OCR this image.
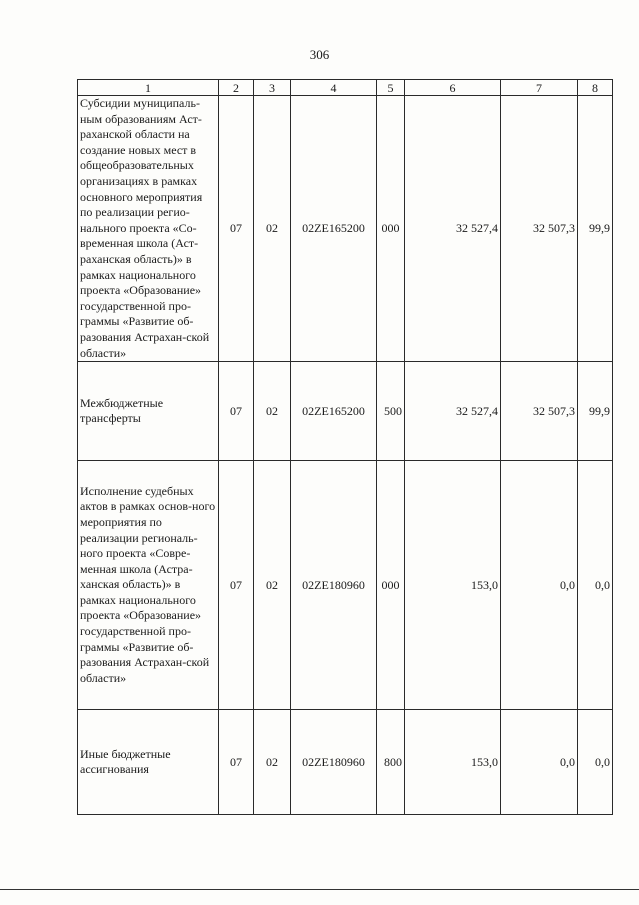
306
1	2	3	4	5	6	7	8
Субсидии муниципаль-ным образованиям Аст-раханской области на создание новых мест в общеобразовательных организациях в рамках основного мероприятия по реализации регио-нального проекта «Со-временная школа (Аст-раханская область)» в рамках национального проекта «Образование» государственной про-граммы «Развитие об-разования Астрахан-ской области»	07	02	02ZE165200	000	32 527,4	32 507,3	99,9
Межбюджетные трансферты	07	02	02ZE165200	500	32 527,4	32 507,3	99,9
Исполнение судебных актов в рамках основ-ного мероприятия по реализации региональ-ного проекта «Совре-менная школа (Астра-ханская область)» в рамках национального проекта «Образование» государственной про-граммы «Развитие об-разования Астрахан-ской области»	07	02	02ZE180960	000	153,0	0,0	0,0
Иные бюджетные ассигнования	07	02	02ZE180960	800	153,0	0,0	0,0
